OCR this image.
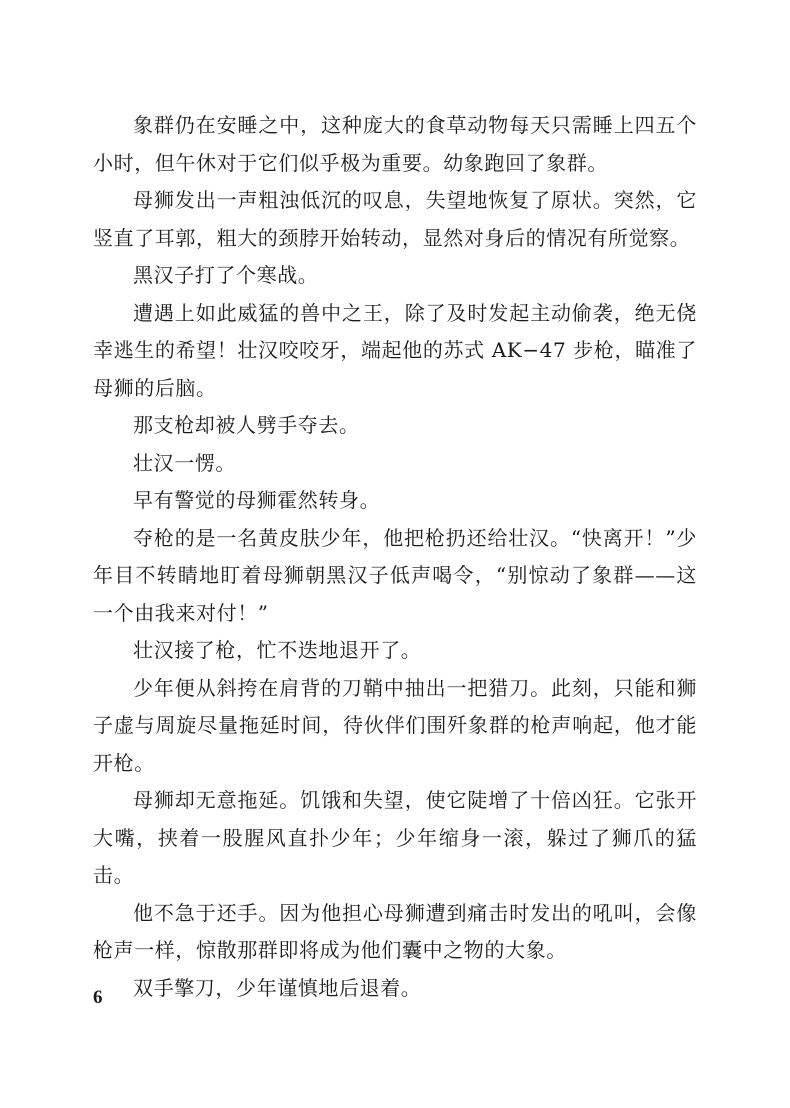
象群仍在安睡之中，这种庞大的食草动物每天只需睡上四五个小时，但午休对于它们似乎极为重要。幼象跑回了象群。

母狮发出一声粗浊低沉的叹息，失望地恢复了原状。突然，它竖直了耳郭，粗大的颈脖开始转动，显然对身后的情况有所觉察。

黑汉子打了个寒战。

遭遇上如此威猛的兽中之王，除了及时发起主动偷袭，绝无侥幸逃生的希望！壮汉咬咬牙，端起他的苏式 AK−47 步枪，瞄准了母狮的后脑。

那支枪却被人劈手夺去。

壮汉一愣。

早有警觉的母狮霍然转身。

夺枪的是一名黄皮肤少年，他把枪扔还给壮汉。“快离开！”少年目不转睛地盯着母狮朝黑汉子低声喝令，“别惊动了象群——这一个由我来对付！”

壮汉接了枪，忙不迭地退开了。

少年便从斜挎在肩背的刀鞘中抽出一把猎刀。此刻，只能和狮子虚与周旋尽量拖延时间，待伙伴们围歼象群的枪声响起，他才能开枪。

母狮却无意拖延。饥饿和失望，使它陡增了十倍凶狂。它张开大嘴，挟着一股腥风直扑少年；少年缩身一滚，躲过了狮爪的猛击。

他不急于还手。因为他担心母狮遭到痛击时发出的吼叫，会像枪声一样，惊散那群即将成为他们囊中之物的大象。

双手擎刀，少年谨慎地后退着。

6
